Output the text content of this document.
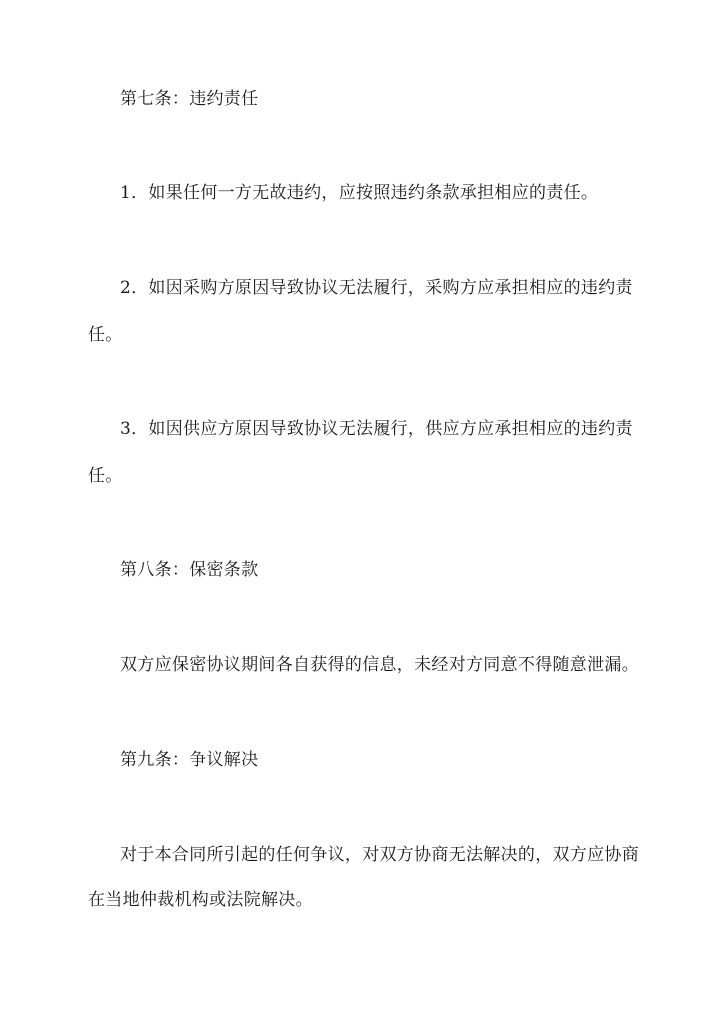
第七条：违约责任
1．如果任何一方无故违约，应按照违约条款承担相应的责任。
2．如因采购方原因导致协议无法履行，采购方应承担相应的违约责
任。
3．如因供应方原因导致协议无法履行，供应方应承担相应的违约责
任。
第八条：保密条款
双方应保密协议期间各自获得的信息，未经对方同意不得随意泄漏。
第九条：争议解决
对于本合同所引起的任何争议，对双方协商无法解决的，双方应协商
在当地仲裁机构或法院解决。
